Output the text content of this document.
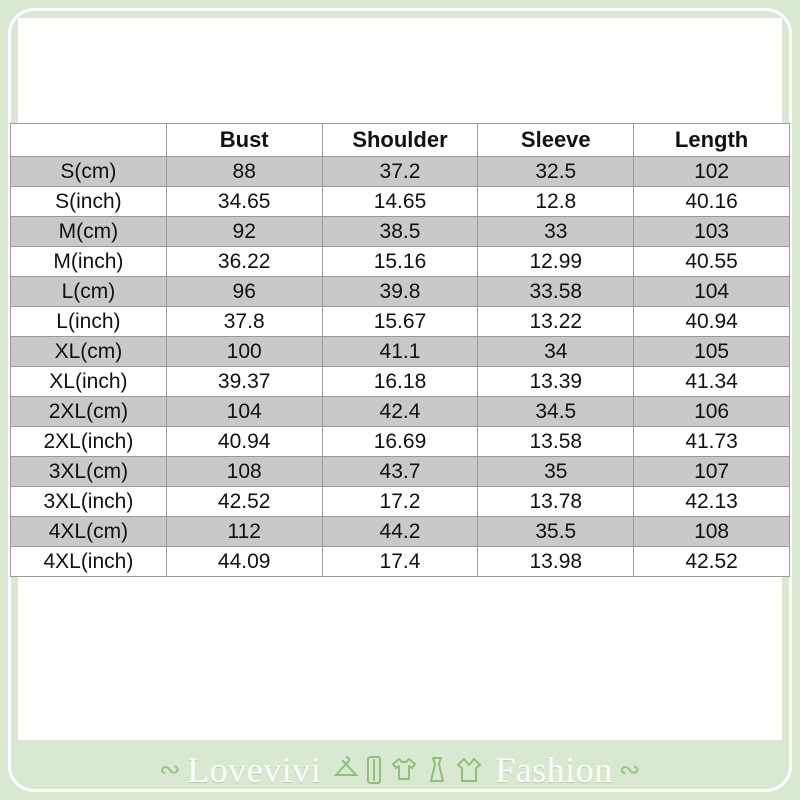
	Bust	Shoulder	Sleeve	Length
S(cm)	88	37.2	32.5	102
S(inch)	34.65	14.65	12.8	40.16
M(cm)	92	38.5	33	103
M(inch)	36.22	15.16	12.99	40.55
L(cm)	96	39.8	33.58	104
L(inch)	37.8	15.67	13.22	40.94
XL(cm)	100	41.1	34	105
XL(inch)	39.37	16.18	13.39	41.34
2XL(cm)	104	42.4	34.5	106
2XL(inch)	40.94	16.69	13.58	41.73
3XL(cm)	108	43.7	35	107
3XL(inch)	42.52	17.2	13.78	42.13
4XL(cm)	112	44.2	35.5	108
4XL(inch)	44.09	17.4	13.98	42.52
∾ Lovevivi	Fashion ∾
